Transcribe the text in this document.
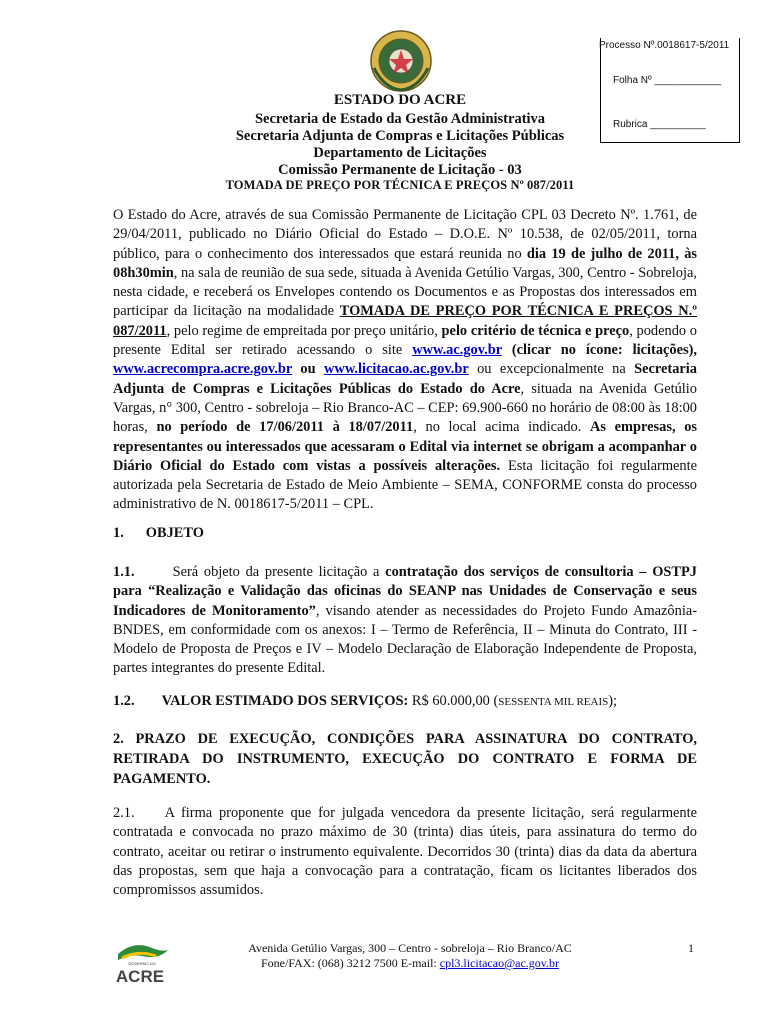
Processo Nº.0018617-5/2011
Folha Nº ____________
Rubrica __________
ESTADO DO ACRE
Secretaria de Estado da Gestão Administrativa
Secretaria Adjunta de Compras e Licitações Públicas
Departamento de Licitações
Comissão Permanente de Licitação - 03
TOMADA DE PREÇO POR TÉCNICA E PREÇOS Nº 087/2011
O Estado do Acre, através de sua Comissão Permanente de Licitação CPL 03 Decreto Nº. 1.761, de 29/04/2011, publicado no Diário Oficial do Estado – D.O.E. Nº 10.538, de 02/05/2011, torna público, para o conhecimento dos interessados que estará reunida no dia 19 de julho de 2011, às 08h30min, na sala de reunião de sua sede, situada à Avenida Getúlio Vargas, 300, Centro - Sobreloja, nesta cidade, e receberá os Envelopes contendo os Documentos e as Propostas dos interessados em participar da licitação na modalidade TOMADA DE PREÇO POR TÉCNICA E PREÇOS N.º 087/2011, pelo regime de empreitada por preço unitário, pelo critério de técnica e preço, podendo o presente Edital ser retirado acessando o site www.ac.gov.br (clicar no ícone: licitações), www.acrecompra.acre.gov.br ou www.licitacao.ac.gov.br ou excepcionalmente na Secretaria Adjunta de Compras e Licitações Públicas do Estado do Acre, situada na Avenida Getúlio Vargas, n° 300, Centro - sobreloja – Rio Branco-AC – CEP: 69.900-660 no horário de 08:00 às 18:00 horas, no período de 17/06/2011 à 18/07/2011, no local acima indicado. As empresas, os representantes ou interessados que acessaram o Edital via internet se obrigam a acompanhar o Diário Oficial do Estado com vistas a possíveis alterações. Esta licitação foi regularmente autorizada pela Secretaria de Estado de Meio Ambiente – SEMA, CONFORME consta do processo administrativo de N. 0018617-5/2011 – CPL.
1. OBJETO
1.1.	Será objeto da presente licitação a contratação dos serviços de consultoria – OSTPJ para “Realização e Validação das oficinas do SEANP nas Unidades de Conservação e seus Indicadores de Monitoramento”, visando atender as necessidades do Projeto Fundo Amazônia-BNDES, em conformidade com os anexos: I – Termo de Referência, II – Minuta do Contrato, III - Modelo de Proposta de Preços e IV – Modelo Declaração de Elaboração Independente de Proposta, partes integrantes do presente Edital.
1.2. VALOR ESTIMADO DOS SERVIÇOS: R$ 60.000,00 (SESSENTA MIL REAIS);
2. PRAZO DE EXECUÇÃO, CONDIÇÕES PARA ASSINATURA DO CONTRATO, RETIRADA DO INSTRUMENTO, EXECUÇÃO DO CONTRATO E FORMA DE PAGAMENTO.
2.1. A firma proponente que for julgada vencedora da presente licitação, será regularmente contratada e convocada no prazo máximo de 30 (trinta) dias úteis, para assinatura do termo do contrato, aceitar ou retirar o instrumento equivalente. Decorridos 30 (trinta) dias da data da abertura das propostas, sem que haja a convocação para a contratação, ficam os licitantes liberados dos compromissos assumidos.
GOVERNO DO
ACRE
Avenida Getúlio Vargas, 300 – Centro - sobreloja – Rio Branco/AC
Fone/FAX: (068) 3212 7500 E-mail: cpl3.licitacao@ac.gov.br
1
